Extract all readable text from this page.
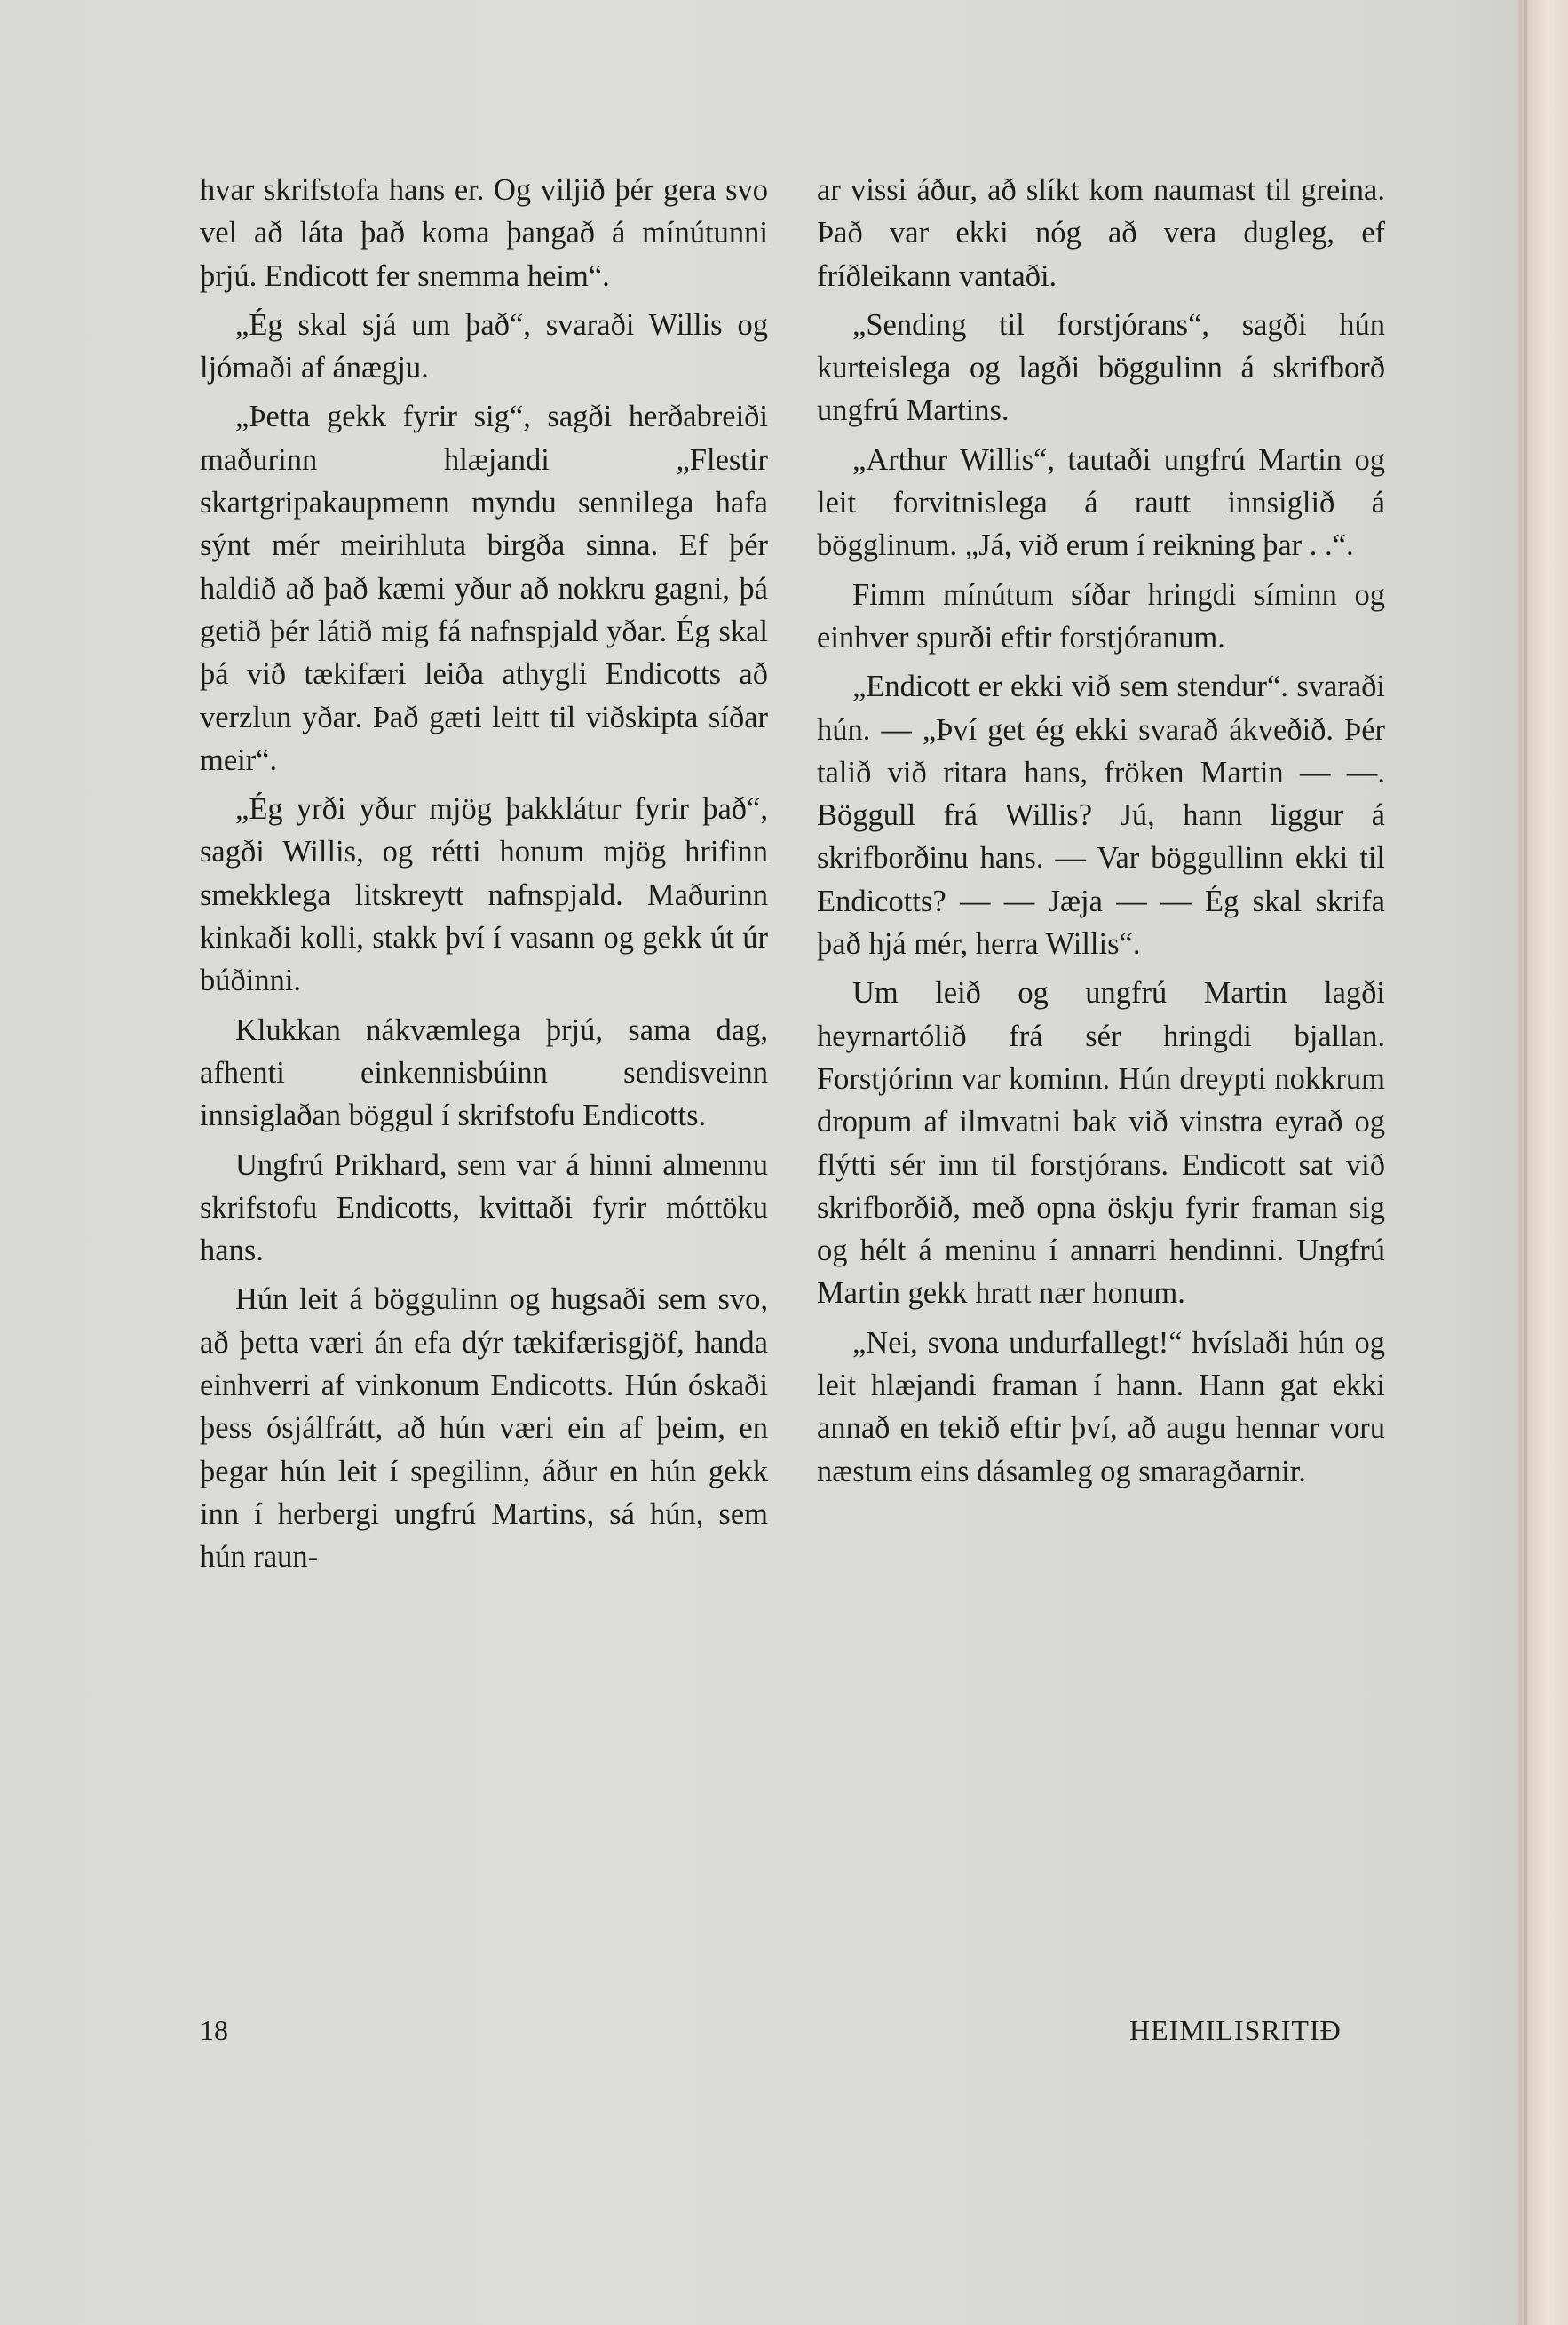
hvar skrifstofa hans er. Og viljið þér gera svo vel að láta það koma þangað á mínútunni þrjú. Endicott fer snemma heim“.

„Ég skal sjá um það“, svaraði Willis og ljómaði af ánægju.

„Þetta gekk fyrir sig“, sagði herðabreiði maðurinn hlæjandi „Flestir skartgripakaupmenn myndu sennilega hafa sýnt mér meirihluta birgða sinna. Ef þér haldið að það kæmi yður að nokkru gagni, þá getið þér látið mig fá nafnspjald yðar. Ég skal þá við tækifæri leiða athygli Endicotts að verzlun yðar. Það gæti leitt til viðskipta síðar meir“.

„Ég yrði yður mjög þakklátur fyrir það“, sagði Willis, og rétti honum mjög hrifinn smekklega litskreytt nafnspjald. Maðurinn kinkaði kolli, stakk því í vasann og gekk út úr búðinni.

Klukkan nákvæmlega þrjú, sama dag, afhenti einkennisbúinn sendisveinn innsiglaðan böggul í skrifstofu Endicotts.

Ungfrú Prikhard, sem var á hinni almennu skrifstofu Endicotts, kvittaði fyrir móttöku hans.

Hún leit á böggulinn og hugsaði sem svo, að þetta væri án efa dýr tækifærisgjöf, handa einhverri af vinkonum Endicotts. Hún óskaði þess ósjálfrátt, að hún væri ein af þeim, en þegar hún leit í spegilinn, áður en hún gekk inn í herbergi ungfrú Martins, sá hún, sem hún raun-

ar vissi áður, að slíkt kom naumast til greina. Það var ekki nóg að vera dugleg, ef fríðleikann vantaði.

„Sending til forstjórans“, sagði hún kurteislega og lagði böggulinn á skrifborð ungfrú Martins.

„Arthur Willis“, tautaði ungfrú Martin og leit forvitnislega á rautt innsiglið á bögglinum. „Já, við erum í reikning þar . .“.

Fimm mínútum síðar hringdi síminn og einhver spurði eftir forstjóranum.

„Endicott er ekki við sem stendur“. svaraði hún. — „Því get ég ekki svarað ákveðið. Þér talið við ritara hans, fröken Martin — —. Böggull frá Willis? Jú, hann liggur á skrifborðinu hans. — Var böggullinn ekki til Endicotts? — — Jæja — — Ég skal skrifa það hjá mér, herra Willis“.

Um leið og ungfrú Martin lagði heyrnartólið frá sér hringdi bjallan. Forstjórinn var kominn. Hún dreypti nokkrum dropum af ilmvatni bak við vinstra eyrað og flýtti sér inn til forstjórans. Endicott sat við skrifborðið, með opna öskju fyrir framan sig og hélt á meninu í annarri hendinni. Ungfrú Martin gekk hratt nær honum.

„Nei, svona undurfallegt!“ hvíslaði hún og leit hlæjandi framan í hann. Hann gat ekki annað en tekið eftir því, að augu hennar voru næstum eins dásamleg og smaragðarnir.

18	HEIMILISRITIÐ
